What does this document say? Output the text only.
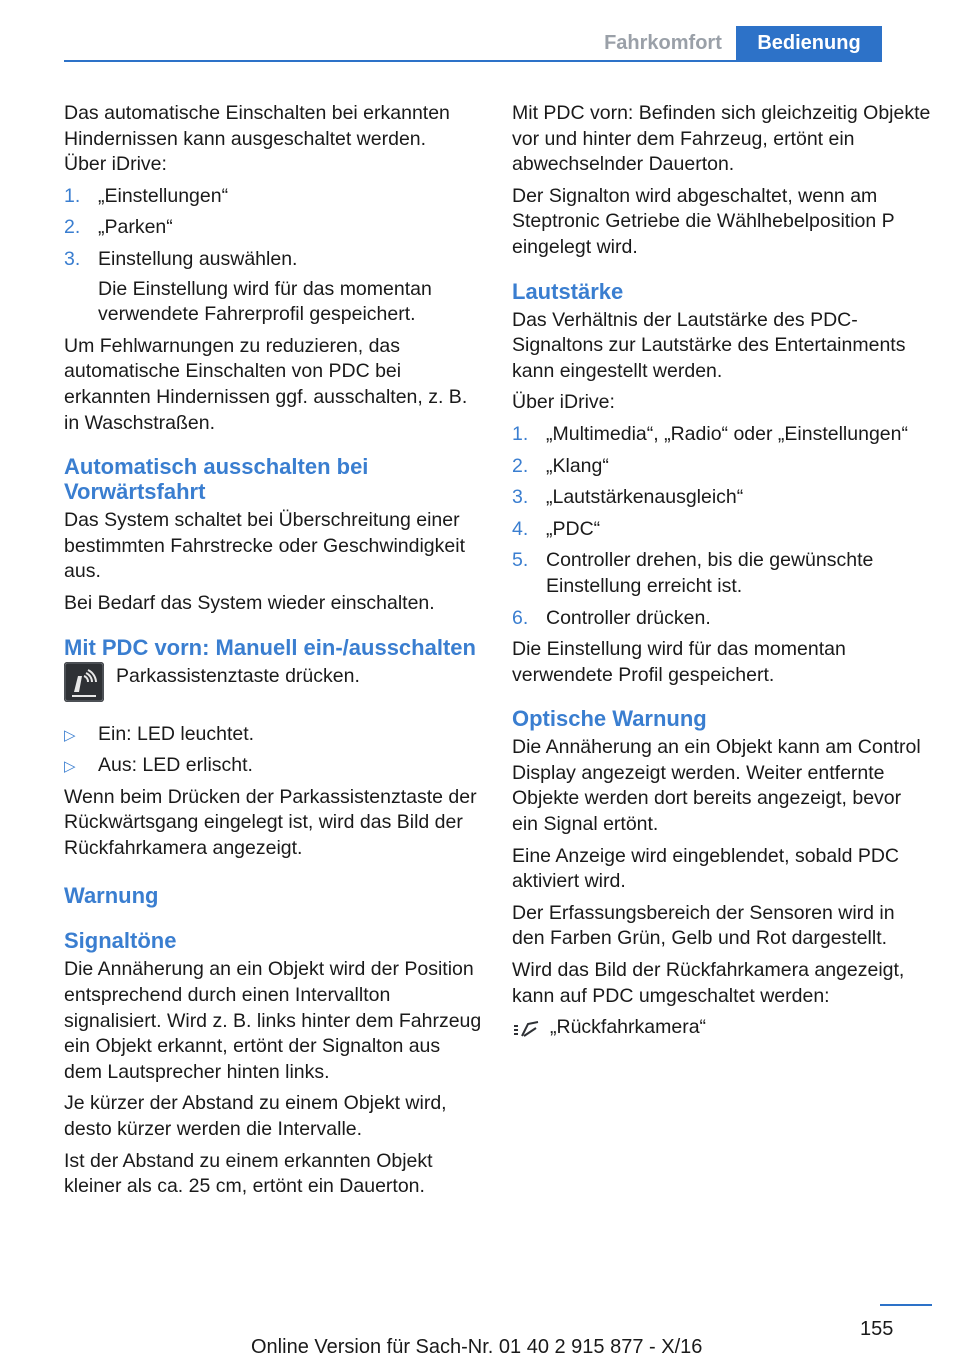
Fahrkomfort	Bedienung

Das automatische Einschalten bei erkannten Hindernissen kann ausgeschaltet werden.

Über iDrive:

1. „Einstellungen“
2. „Parken“
3. Einstellung auswählen.

Die Einstellung wird für das momentan verwendete Fahrerprofil gespeichert.

Um Fehlwarnungen zu reduzieren, das automatische Einschalten von PDC bei erkannten Hindernissen ggf. ausschalten, z. B. in Waschstraßen.

Automatisch ausschalten bei Vorwärtsfahrt

Das System schaltet bei Überschreitung einer bestimmten Fahrstrecke oder Geschwindigkeit aus.

Bei Bedarf das System wieder einschalten.

Mit PDC vorn: Manuell ein-/ausschalten
Parkassistenztaste drücken.
▷ Ein: LED leuchtet.
▷ Aus: LED erlischt.

Wenn beim Drücken der Parkassistenztaste der Rückwärtsgang eingelegt ist, wird das Bild der Rückfahrkamera angezeigt.

Warnung
Signaltöne

Die Annäherung an ein Objekt wird der Position entsprechend durch einen Intervallton signalisiert. Wird z. B. links hinter dem Fahrzeug ein Objekt erkannt, ertönt der Signalton aus dem Lautsprecher hinten links.

Je kürzer der Abstand zu einem Objekt wird, desto kürzer werden die Intervalle.

Ist der Abstand zu einem erkannten Objekt kleiner als ca. 25 cm, ertönt ein Dauerton.

Mit PDC vorn: Befinden sich gleichzeitig Objekte vor und hinter dem Fahrzeug, ertönt ein abwechselnder Dauerton.

Der Signalton wird abgeschaltet, wenn am Steptronic Getriebe die Wählhebelposition P eingelegt wird.

Lautstärke

Das Verhältnis der Lautstärke des PDC-Signaltons zur Lautstärke des Entertainments kann eingestellt werden.

Über iDrive:

1. „Multimedia“, „Radio“ oder „Einstellungen“
2. „Klang“
3. „Lautstärkenausgleich“
4. „PDC“
5. Controller drehen, bis die gewünschte Einstellung erreicht ist.
6. Controller drücken.

Die Einstellung wird für das momentan verwendete Profil gespeichert.

Optische Warnung

Die Annäherung an ein Objekt kann am Control Display angezeigt werden. Weiter entfernte Objekte werden dort bereits angezeigt, bevor ein Signal ertönt.

Eine Anzeige wird eingeblendet, sobald PDC aktiviert wird.

Der Erfassungsbereich der Sensoren wird in den Farben Grün, Gelb und Rot dargestellt.

Wird das Bild der Rückfahrkamera angezeigt, kann auf PDC umgeschaltet werden:

„Rückfahrkamera“
155
Online Version für Sach-Nr. 01 40 2 915 877 - X/16
